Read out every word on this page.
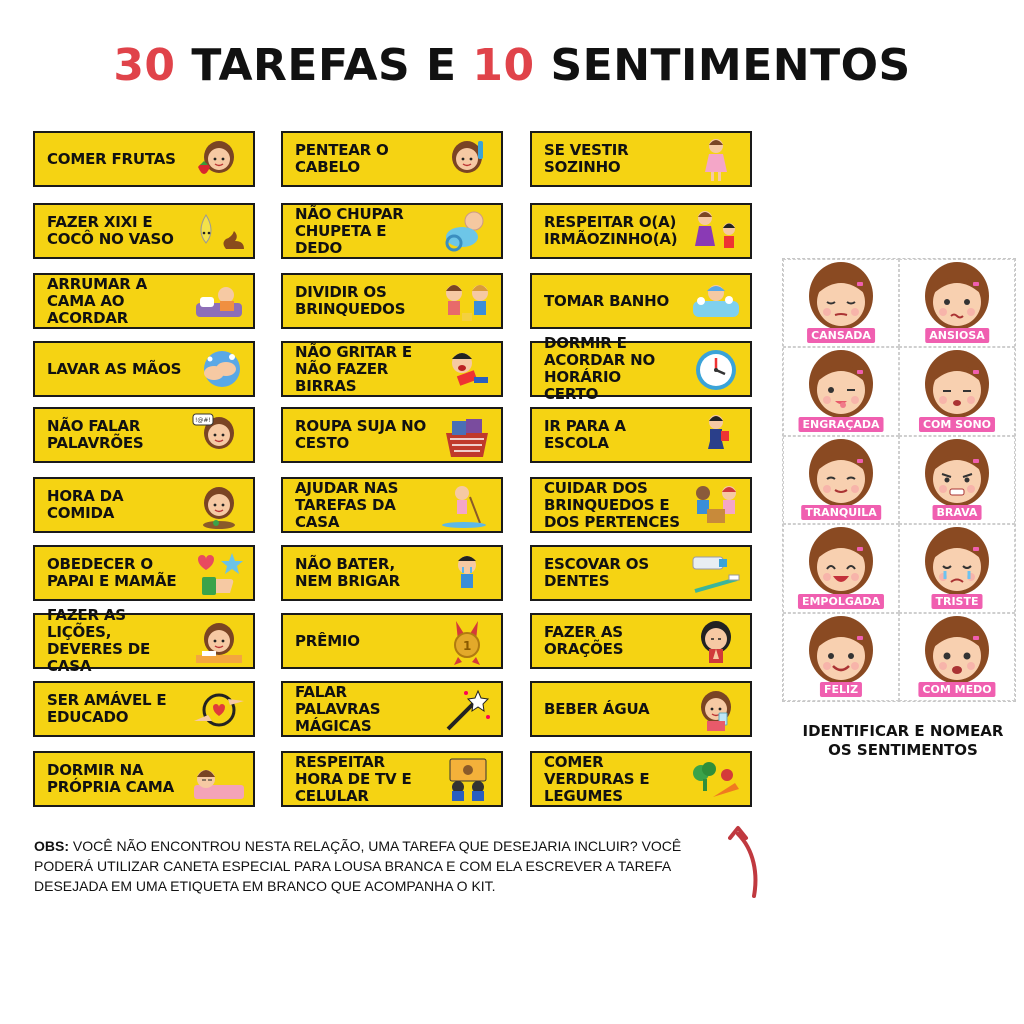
30 TAREFAS E 10 SENTIMENTOS
COMER FRUTAS
FAZER XIXI E COCÔ NO VASO
ARRUMAR A CAMA AO ACORDAR
LAVAR AS MÃOS
NÃO FALAR PALAVRÕES
!@#!
HORA DA COMIDA
OBEDECER O PAPAI E MAMÃE
FAZER AS LIÇÕES, DEVERES DE CASA
SER AMÁVEL E EDUCADO
DORMIR NA PRÓPRIA CAMA
PENTEAR O CABELO
NÃO CHUPAR CHUPETA E DEDO
DIVIDIR OS BRINQUEDOS
NÃO GRITAR E NÃO FAZER BIRRAS
ROUPA SUJA NO CESTO
AJUDAR NAS TAREFAS DA CASA
NÃO BATER, NEM BRIGAR
PRÊMIO	1
FALAR PALAVRAS MÁGICAS
RESPEITAR HORA DE TV E CELULAR
SE VESTIR SOZINHO
RESPEITAR O(A) IRMÃOZINHO(A)
TOMAR BANHO
DORMIR E ACORDAR NO HORÁRIO CERTO
IR PARA A ESCOLA
CUIDAR DOS BRINQUEDOS E DOS PERTENCES
ESCOVAR OS DENTES
FAZER AS ORAÇÕES
BEBER ÁGUA
COMER VERDURAS E LEGUMES
CANSADA	ANSIOSA
ENGRAÇADA	COM SONO
TRANQUILA	BRAVA
EMPOLGADA	TRISTE
FELIZ	COM MEDO
IDENTIFICAR E NOMEAR OS SENTIMENTOS
OBS: VOCÊ NÃO ENCONTROU NESTA RELAÇÃO, UMA TAREFA QUE DESEJARIA INCLUIR? VOCÊ PODERÁ UTILIZAR CANETA ESPECIAL PARA LOUSA BRANCA E COM ELA ESCREVER A TAREFA DESEJADA EM UMA ETIQUETA EM BRANCO QUE ACOMPANHA O KIT.
